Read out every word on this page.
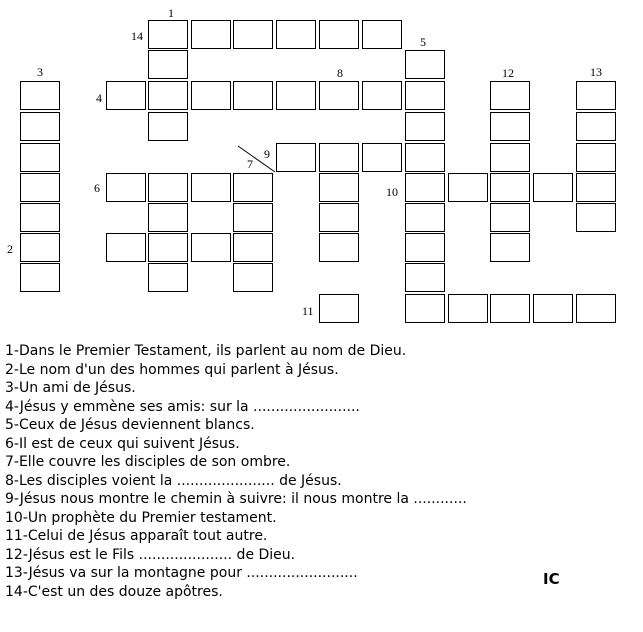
1
2
3
4
5
6
7
8
9
10
11
12	13
14
1-Dans le Premier Testament, ils parlent au nom de Dieu.
2-Le nom d'un des hommes qui parlent à Jésus.
3-Un ami de Jésus.
4-Jésus y emmène ses amis: sur la ........................
5-Ceux de Jésus deviennent blancs.
6-Il est de ceux qui suivent Jésus.
7-Elle couvre les disciples de son ombre.
8-Les disciples voient la ...................... de Jésus.
9-Jésus nous montre le chemin à suivre: il nous montre la ............
10-Un prophète du Premier testament.
11-Celui de Jésus apparaît tout autre.
12-Jésus est le Fils ..................... de Dieu.
13-Jésus va sur la montagne pour .........................
14-C'est un des douze apôtres.
IC
